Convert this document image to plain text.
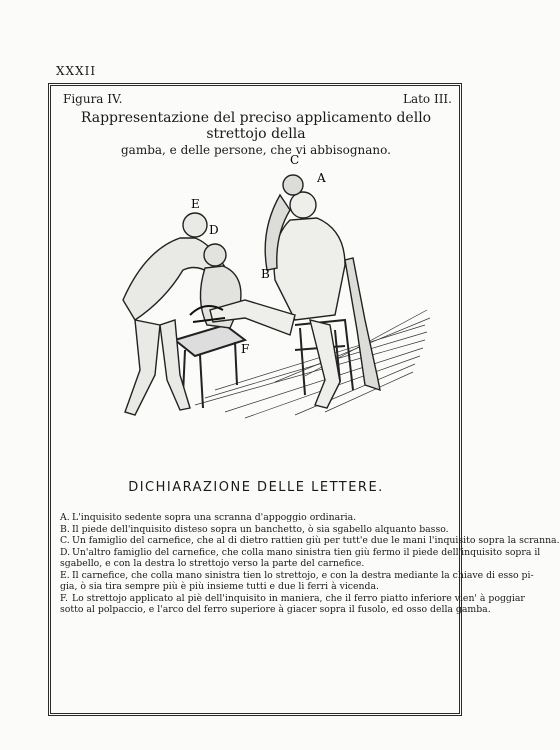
XXXII
Figura IV.	Lato III.
Rappresentazione del preciso applicamento dello strettojo della
gamba, e delle persone, che vi abbisognano.
A
B
C
D
E
F
DICHIARAZIONE DELLE LETTERE.
A. L'inquisito sedente sopra una scranna d'appoggio ordinaria.
B. Il piede dell'inquisito disteso sopra un banchetto, ò sia sgabello alquanto basso.
C. Un famiglio del carnefice, che al di dietro rattien giù per tutt'e due le mani l'inquisito sopra la scranna.
D. Un'altro famiglio del carnefice, che colla mano sinistra tien giù fermo il piede dell'inquisito sopra il
sgabello, e con la destra lo strettojo verso la parte del carnefice.
E. Il carnefice, che colla mano sinistra tien lo strettojo, e con la destra mediante la chiave di esso pi-
gia, ò sia tira sempre più è più insieme tutti e due li ferri à vicenda.
F. Lo strettojo applicato al piè dell'inquisito in maniera, che il ferro piatto inferiore vien' à poggiar
sotto al polpaccio, e l'arco del ferro superiore à giacer sopra il fusolo, ed osso della gamba.
